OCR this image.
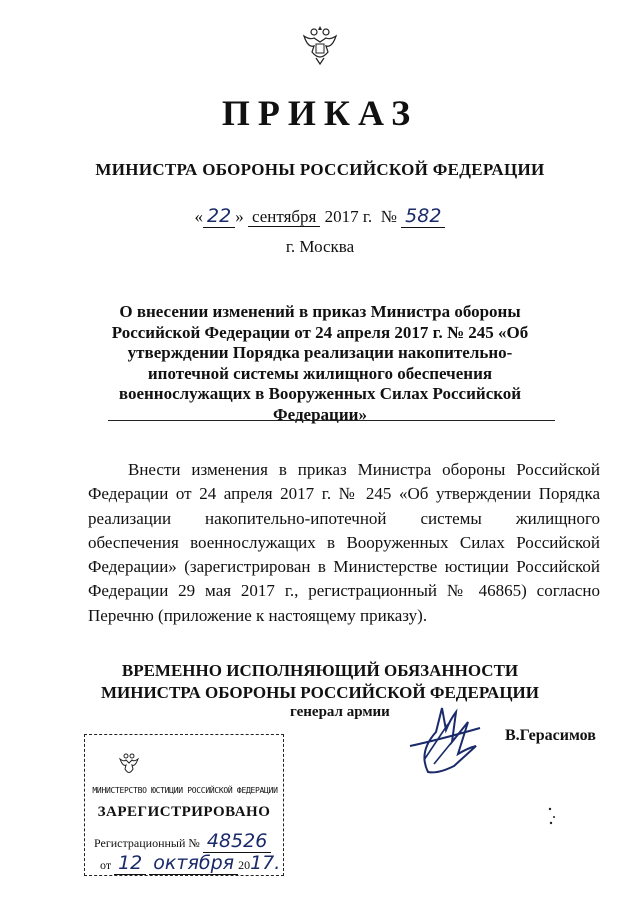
ПРИКАЗ
МИНИСТРА ОБОРОНЫ РОССИЙСКОЙ ФЕДЕРАЦИИ
« 22 » сентября 2017 г. № 582
г. Москва
О внесении изменений в приказ Министра обороны Российской Федерации от 24 апреля 2017 г. № 245 «Об утверждении Порядка реализации накопительно-ипотечной системы жилищного обеспечения военнослужащих в Вооруженных Силах Российской Федерации»
Внести изменения в приказ Министра обороны Российской Федерации от 24 апреля 2017 г. № 245 «Об утверждении Порядка реализации накопительно-ипотечной системы жилищного обеспечения военнослужащих в Вооруженных Силах Российской Федерации» (зарегистрирован в Министерстве юстиции Российской Федерации 29 мая 2017 г., регистрационный № 46865) согласно Перечню (приложение к настоящему приказу).
ВРЕМЕННО ИСПОЛНЯЮЩИЙ ОБЯЗАННОСТИ
МИНИСТРА ОБОРОНЫ РОССИЙСКОЙ ФЕДЕРАЦИИ
генерал армии
В.Герасимов
МИНИСТЕРСТВО ЮСТИЦИИ РОССИЙСКОЙ ФЕДЕРАЦИИ
ЗАРЕГИСТРИРОВАНО
Регистрационный № 48526
от 12 октября 2017.
